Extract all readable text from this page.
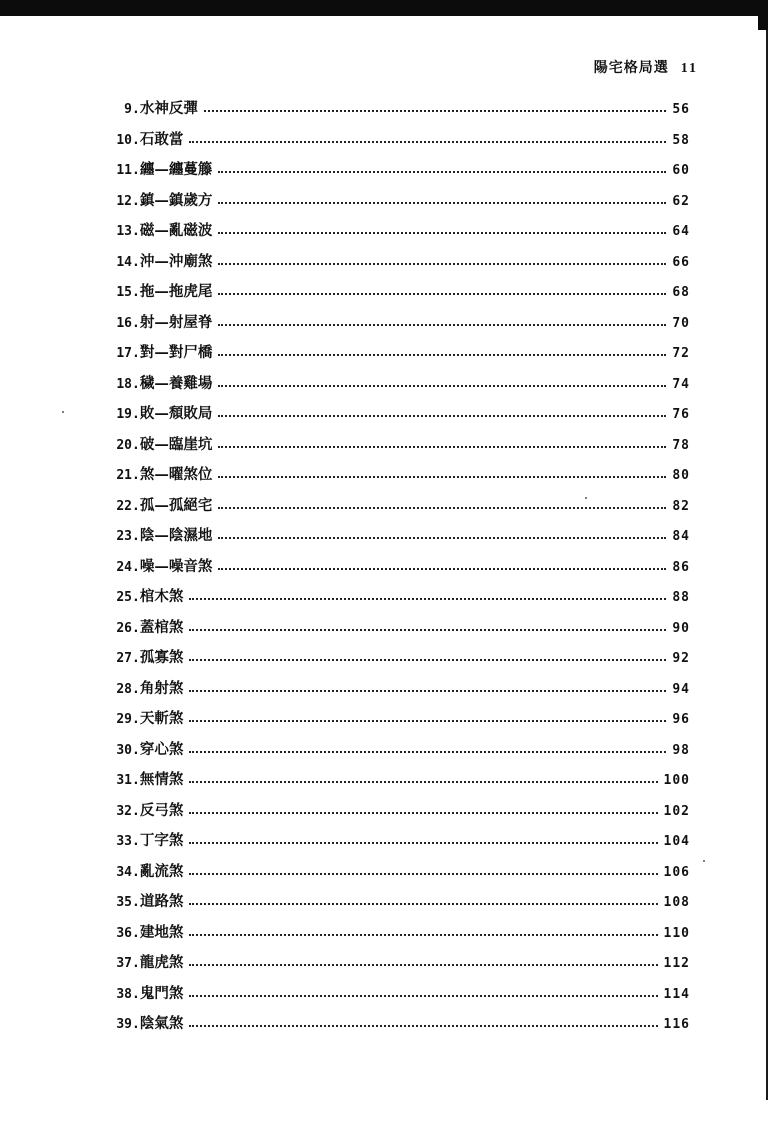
陽宅格局選 11
9 . 水神反彈	56
10 . 石敢當	58
11 . 纏—纏蔓籐	60
12 . 鎮—鎮歲方	62
13 . 磁—亂磁波	64
14 . 沖—沖廟煞	66
15 . 拖—拖虎尾	68
16 . 射—射屋脊	70
17 . 對—對尸橋	72
18 . 穢—養雞場	74
19 . 敗—頹敗局	76
20 . 破—臨崖坑	78
21 . 煞—曜煞位	80
22 . 孤—孤絕宅	82
23 . 陰—陰濕地	84
24 . 噪—噪音煞	86
25 . 棺木煞	88
26 . 蓋棺煞	90
27 . 孤寡煞	92
28 . 角射煞	94
29 . 天斬煞	96
30 . 穿心煞	98
31 . 無情煞	100
32 . 反弓煞	102
33 . 丁字煞	104
34 . 亂流煞	106
35 . 道路煞	108
36 . 建地煞	110
37 . 龍虎煞	112
38 . 鬼門煞	114
39 . 陰氣煞	116
